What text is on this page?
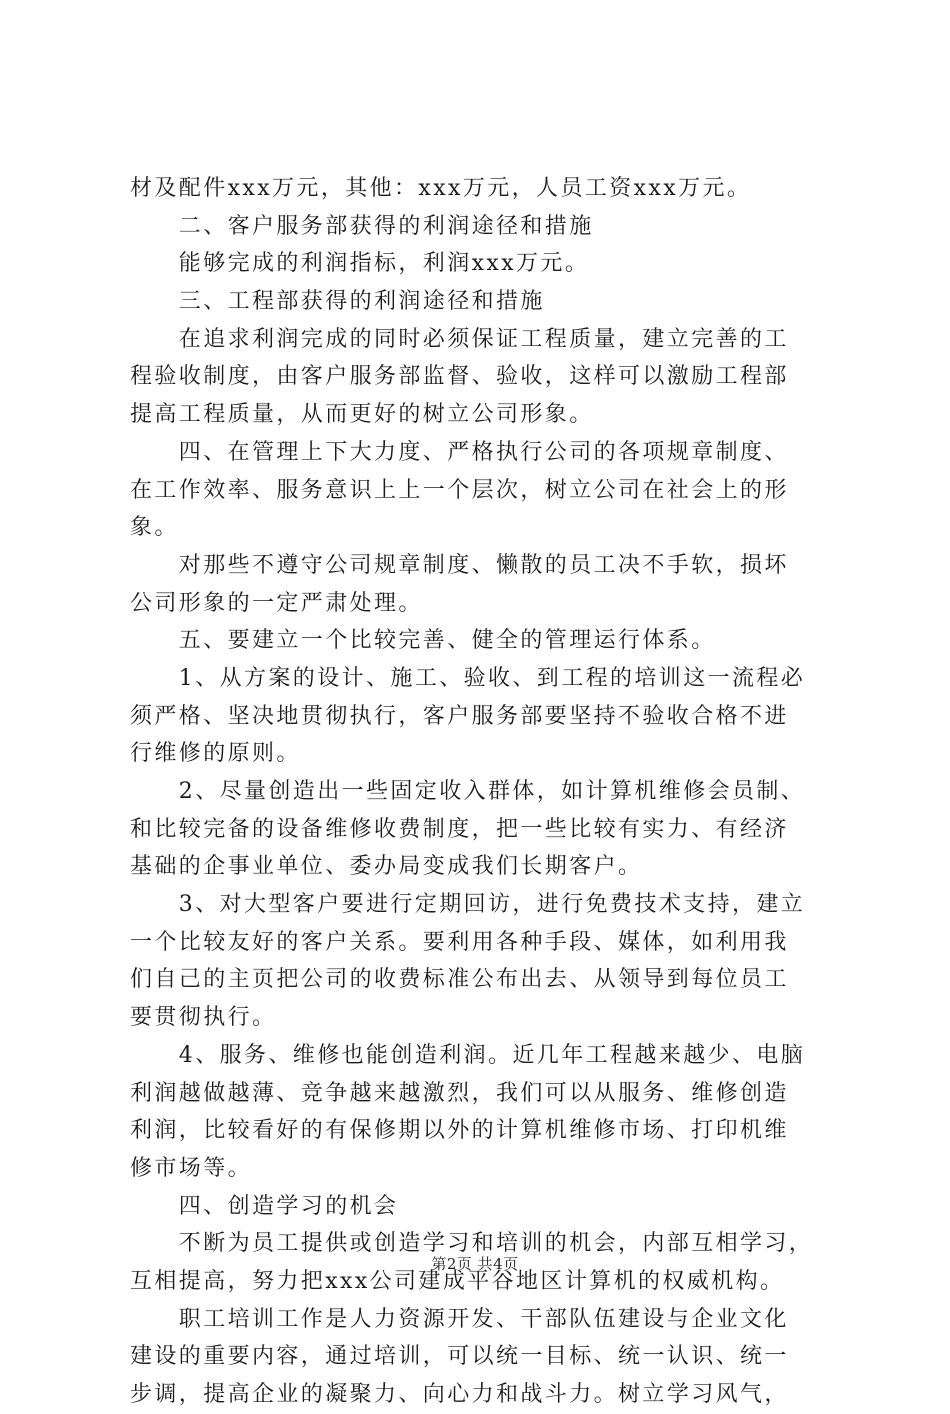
材及配件xxx万元，其他：xxx万元，人员工资xxx万元。
　　二、客户服务部获得的利润途径和措施
　　能够完成的利润指标，利润xxx万元。
　　三、工程部获得的利润途径和措施
　　在追求利润完成的同时必须保证工程质量，建立完善的工
程验收制度，由客户服务部监督、验收，这样可以激励工程部
提高工程质量，从而更好的树立公司形象。
　　四、在管理上下大力度、严格执行公司的各项规章制度、
在工作效率、服务意识上上一个层次，树立公司在社会上的形
象。
　　对那些不遵守公司规章制度、懒散的员工决不手软，损坏
公司形象的一定严肃处理。
　　五、要建立一个比较完善、健全的管理运行体系。
　　1、从方案的设计、施工、验收、到工程的培训这一流程必
须严格、坚决地贯彻执行，客户服务部要坚持不验收合格不进
行维修的原则。
　　2、尽量创造出一些固定收入群体，如计算机维修会员制、
和比较完备的设备维修收费制度，把一些比较有实力、有经济
基础的企事业单位、委办局变成我们长期客户。
　　3、对大型客户要进行定期回访，进行免费技术支持，建立
一个比较友好的客户关系。要利用各种手段、媒体，如利用我
们自己的主页把公司的收费标准公布出去、从领导到每位员工
要贯彻执行。
　　4、服务、维修也能创造利润。近几年工程越来越少、电脑
利润越做越薄、竞争越来越激烈，我们可以从服务、维修创造
利润，比较看好的有保修期以外的计算机维修市场、打印机维
修市场等。
　　四、创造学习的机会
　　不断为员工提供或创造学习和培训的机会，内部互相学习，
互相提高，努力把xxx公司建成平谷地区计算机的权威机构。
　　职工培训工作是人力资源开发、干部队伍建设与企业文化
建设的重要内容，通过培训，可以统一目标、统一认识、统一
步调，提高企业的凝聚力、向心力和战斗力。树立学习风气，
第2页 共4页
